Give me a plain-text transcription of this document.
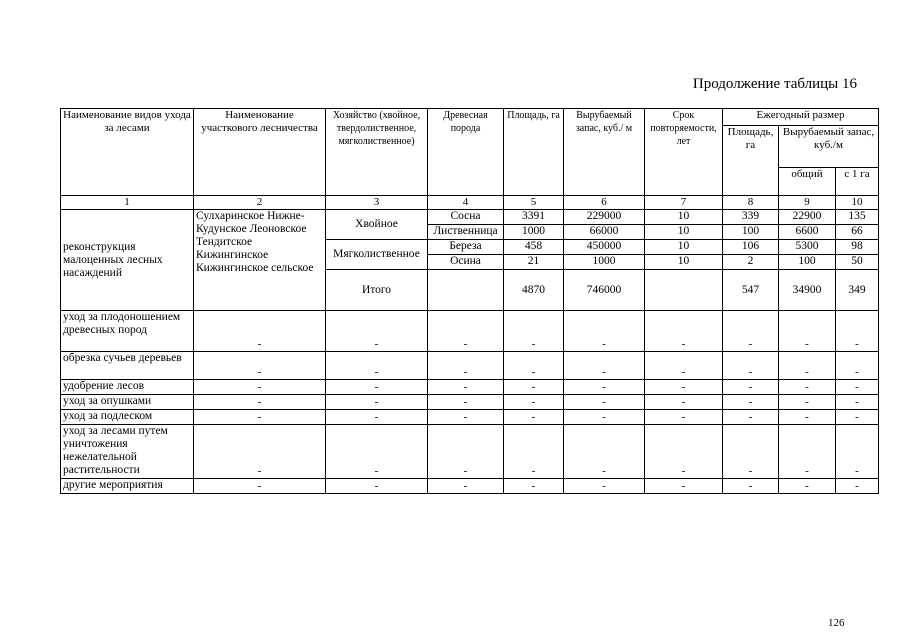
Продолжение таблицы 16
Наименование видов ухода за лесами	Наименование участкового лесничества	Хозяйство (хвойное, твердолиственное, мягколиственное)	Древесная порода	Площадь, га	Вырубаемый запас, куб./ м	Срок повторяемости, лет	Ежегодный размер		
							Площадь, га	Вырубаемый запас, куб./м	
								общий	с 1 га
1	2	3	4	5	6	7	8	9	10
реконструкция малоценных лесных насаждений	Сулхаринское Нижне-Кудунское Леоновское Тендитское Кижингинское Кижингинское сельское	Хвойное	Сосна	3391	229000	10	339	22900	135
			Лиственница	1000	66000	10	100	6600	66
		Мягколиственное	Береза	458	450000	10	106	5300	98
			Осина	21	1000	10	2	100	50
		Итого		4870	746000		547	34900	349
уход за плодоношением древесных пород	-	-	-	-	-	-	-	-	-
обрезка сучьев деревьев	-	-	-	-	-	-	-	-	-
удобрение лесов	-	-	-	-	-	-	-	-	-
уход за опушками	-	-	-	-	-	-	-	-	-
уход за подлеском	-	-	-	-	-	-	-	-	-
уход за лесами путем уничтожения нежелательной растительности	-	-	-	-	-	-	-	-	-
другие мероприятия	-	-	-	-	-	-	-	-	-
126
